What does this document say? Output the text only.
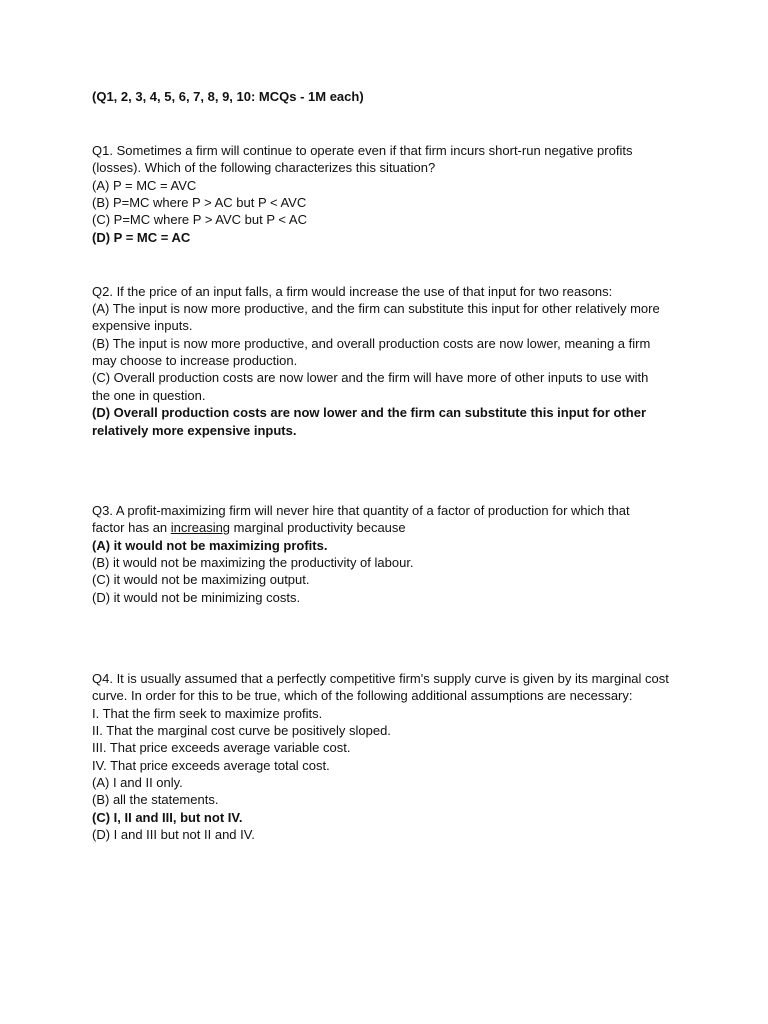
(Q1, 2, 3, 4, 5, 6, 7, 8, 9, 10: MCQs - 1M each)

Q1. Sometimes a firm will continue to operate even if that firm incurs short-run negative profits

(losses). Which of the following characterizes this situation?

(A) P = MC = AVC

(B) P=MC where P > AC but P < AVC

(C) P=MC where P > AVC but P < AC

(D) P = MC = AC

Q2. If the price of an input falls, a firm would increase the use of that input for two reasons:

(A) The input is now more productive, and the firm can substitute this input for other relatively more

expensive inputs.

(B) The input is now more productive, and overall production costs are now lower, meaning a firm

may choose to increase production.

(C) Overall production costs are now lower and the firm will have more of other inputs to use with

the one in question.

(D) Overall production costs are now lower and the firm can substitute this input for other

relatively more expensive inputs.

Q3. A profit-maximizing firm will never hire that quantity of a factor of production for which that

factor has an increasing marginal productivity because

(A) it would not be maximizing profits.

(B) it would not be maximizing the productivity of labour.

(C) it would not be maximizing output.

(D) it would not be minimizing costs.

Q4. It is usually assumed that a perfectly competitive firm's supply curve is given by its marginal cost

curve. In order for this to be true, which of the following additional assumptions are necessary:

I. That the firm seek to maximize profits.

II. That the marginal cost curve be positively sloped.

III. That price exceeds average variable cost.

IV. That price exceeds average total cost.

(A) I and II only.

(B) all the statements.

(C) I, II and III, but not IV.

(D) I and III but not II and IV.
